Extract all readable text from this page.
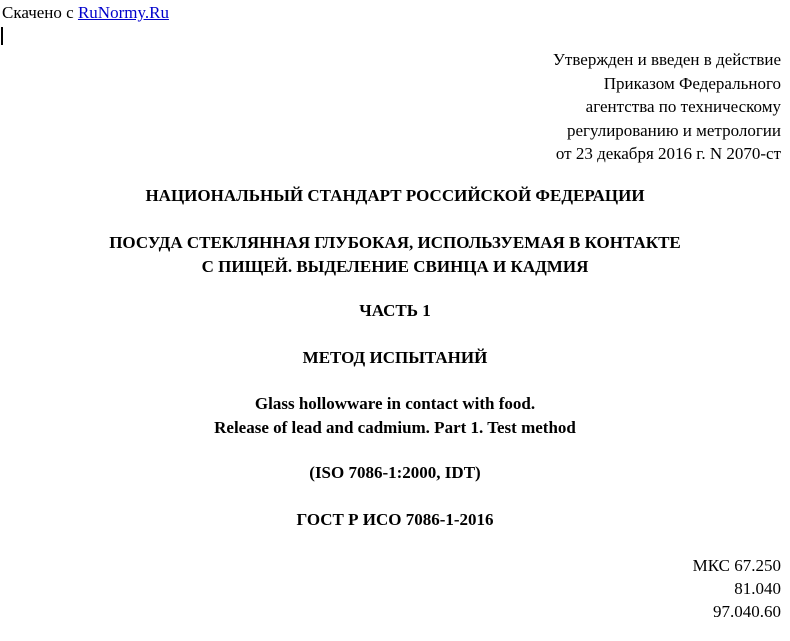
Скачено с RuNormy.Ru
Утвержден и введен в действие
Приказом Федерального
агентства по техническому
регулированию и метрологии
от 23 декабря 2016 г. N 2070-ст
НАЦИОНАЛЬНЫЙ СТАНДАРТ РОССИЙСКОЙ ФЕДЕРАЦИИ
ПОСУДА СТЕКЛЯННАЯ ГЛУБОКАЯ, ИСПОЛЬЗУЕМАЯ В КОНТАКТЕ
С ПИЩЕЙ. ВЫДЕЛЕНИЕ СВИНЦА И КАДМИЯ
ЧАСТЬ 1
МЕТОД ИСПЫТАНИЙ
Glass hollowware in contact with food.
Release of lead and cadmium. Part 1. Test method
(ISO 7086-1:2000, IDT)
ГОСТ Р ИСО 7086-1-2016
МКС 67.250
81.040
97.040.60
